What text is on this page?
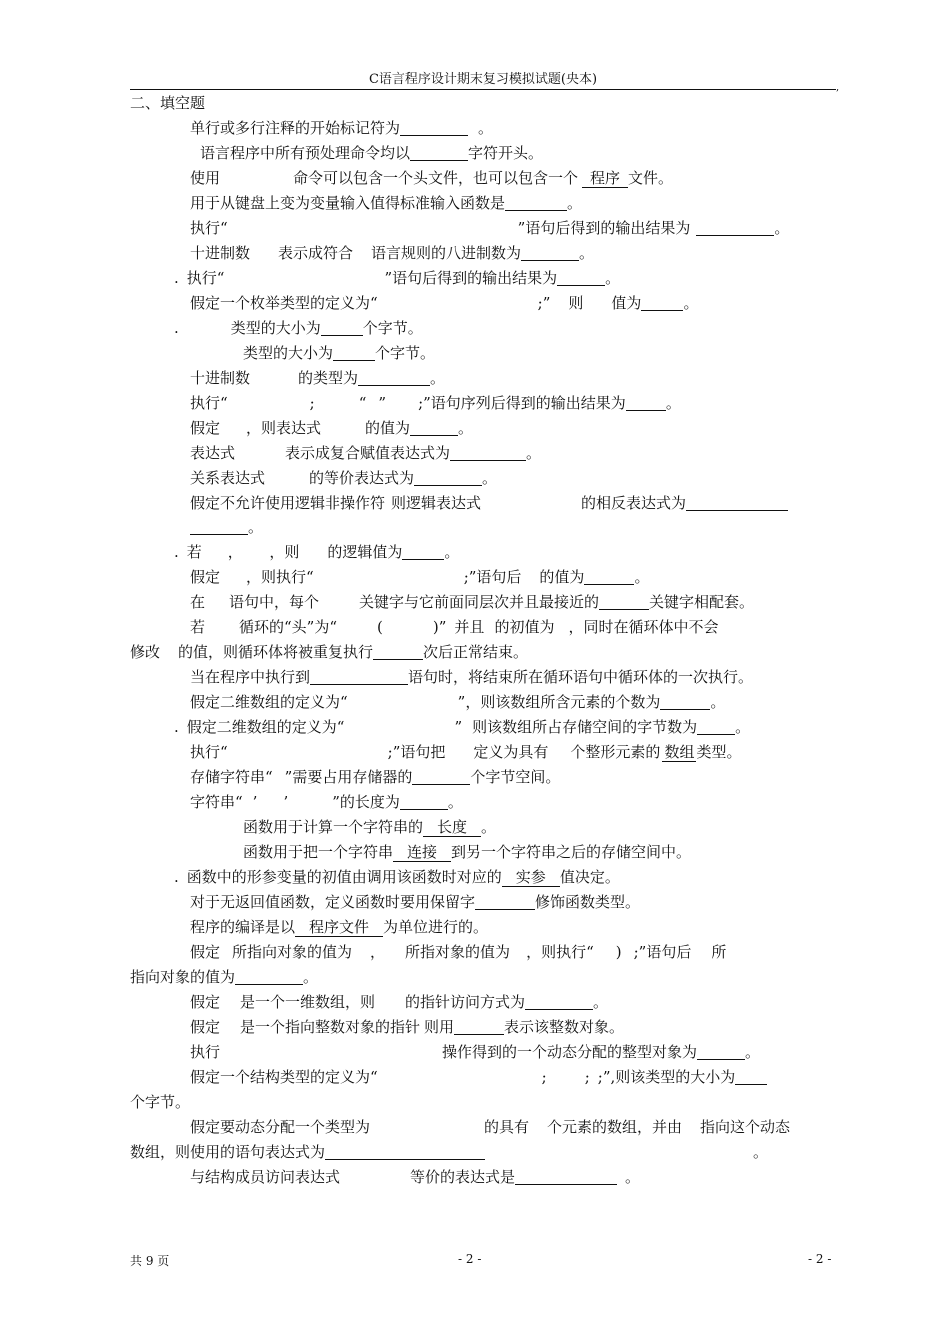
C语言程序设计期末复习模拟试题(央本)
,
二、填空题
单行或多行注释的开始标记符为	。
语言程序中所有预处理命令均以	字符开头。
使用	命令可以包含一个头文件，也可以包含一个 程序 文件。
用于从键盘上变为变量输入值得标准输入函数是	。
执行“	”语句后得到的输出结果为	。
十进制数 表示成符合 语言规则的八进制数为	。
. 执行“	”语句后得到的输出结果为	。
假定一个枚举类型的定义为“	;” 则 值为	。
.	类型的大小为	个字节。
类型的大小为	个字节。
十进制数	的类型为	。
执行“	;	“ ” ;”语句序列后得到的输出结果为	。
假定 ，则表达式	的值为	。
表达式	表示成复合赋值表达式为	。
关系表达式	的等价表达式为	。
假定不允许使用逻辑非操作符 则逻辑表达式	的相反表达式为
。
. 若 ， ，则 的逻辑值为	。
假定 ，则执行“	;”语句后 的值为	。
在 语句中，每个	关键字与它前面同层次并且最接近的	关键字相配套。
若 循环的“头”为“	(	)” 并且 的初值为 ，同时在循环体中不会
修改 的值，则循环体将被重复执行	次后正常结束。
当在程序中执行到	语句时，将结束所在循环语句中循环体的一次执行。
假定二维数组的定义为“	”，则该数组所含元素的个数为	。
. 假定二维数组的定义为“	” 则该数组所占存储空间的字节数为	。
执行“	;”语句把 定义为具有 个整形元素的 数组 类型。
存储字符串“ ”需要占用存储器的	个字节空间。
字符串“ ’ ’	”的长度为	。
函数用于计算一个字符串的 长度 。
函数用于把一个字符串 连接 到另一个字符串之后的存储空间中。
. 函数中的形参变量的初值由调用该函数时对应的 实参 值决定。
对于无返回值函数，定义函数时要用保留字	修饰函数类型。
程序的编译是以 程序文件 为单位进行的。
假定 所指向对象的值为 ， 所指对象的值为 ，则执行“ ) ;”语句后 所
指向对象的值为	。
假定 是一个一维数组，则 的指针访问方式为	。
假定 是一个指向整数对象的指针 则用	表示该整数对象。
执行	操作得到的一个动态分配的整型对象为	。
假定一个结构类型的定义为“	;	; ;”,则该类型的大小为
个字节。
假定要动态分配一个类型为	的具有 个元素的数组，并由 指向这个动态
数组，则使用的语句表达式为	。
与结构成员访问表达式	等价的表达式是	。
共 9 页	- 2 -	- 2 -
